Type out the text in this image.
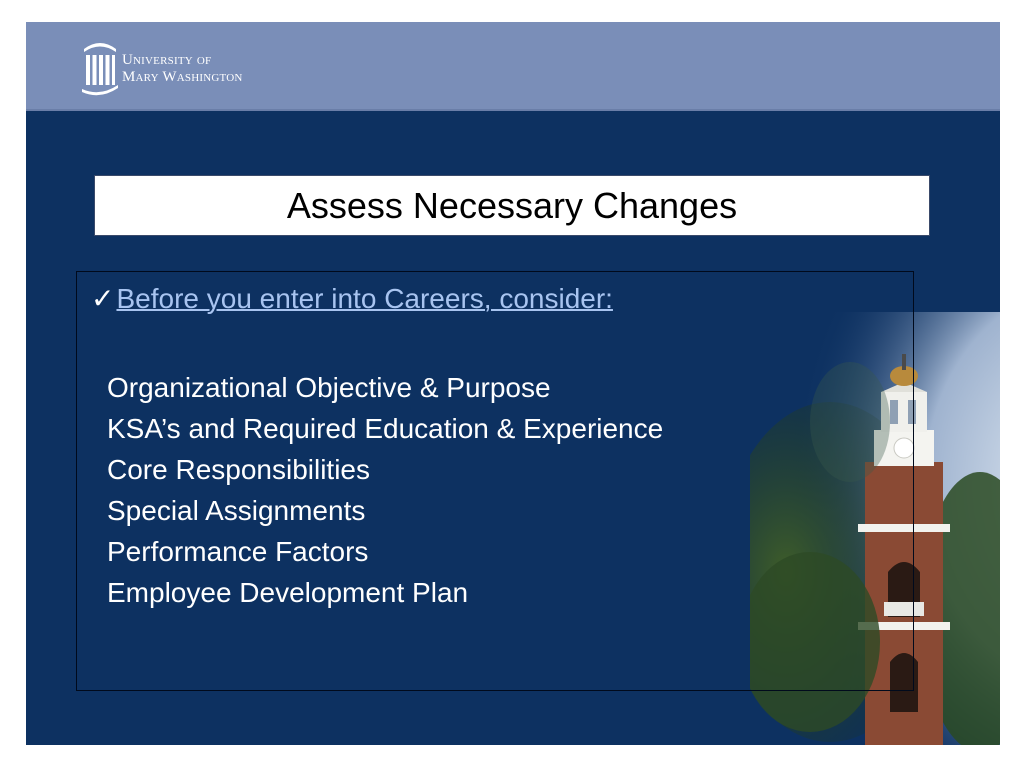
University of
Mary Washington
Assess Necessary Changes
✓Before you enter into Careers, consider:
Organizational Objective & Purpose
KSA’s and Required Education & Experience
Core Responsibilities
Special Assignments
Performance Factors
Employee Development Plan
